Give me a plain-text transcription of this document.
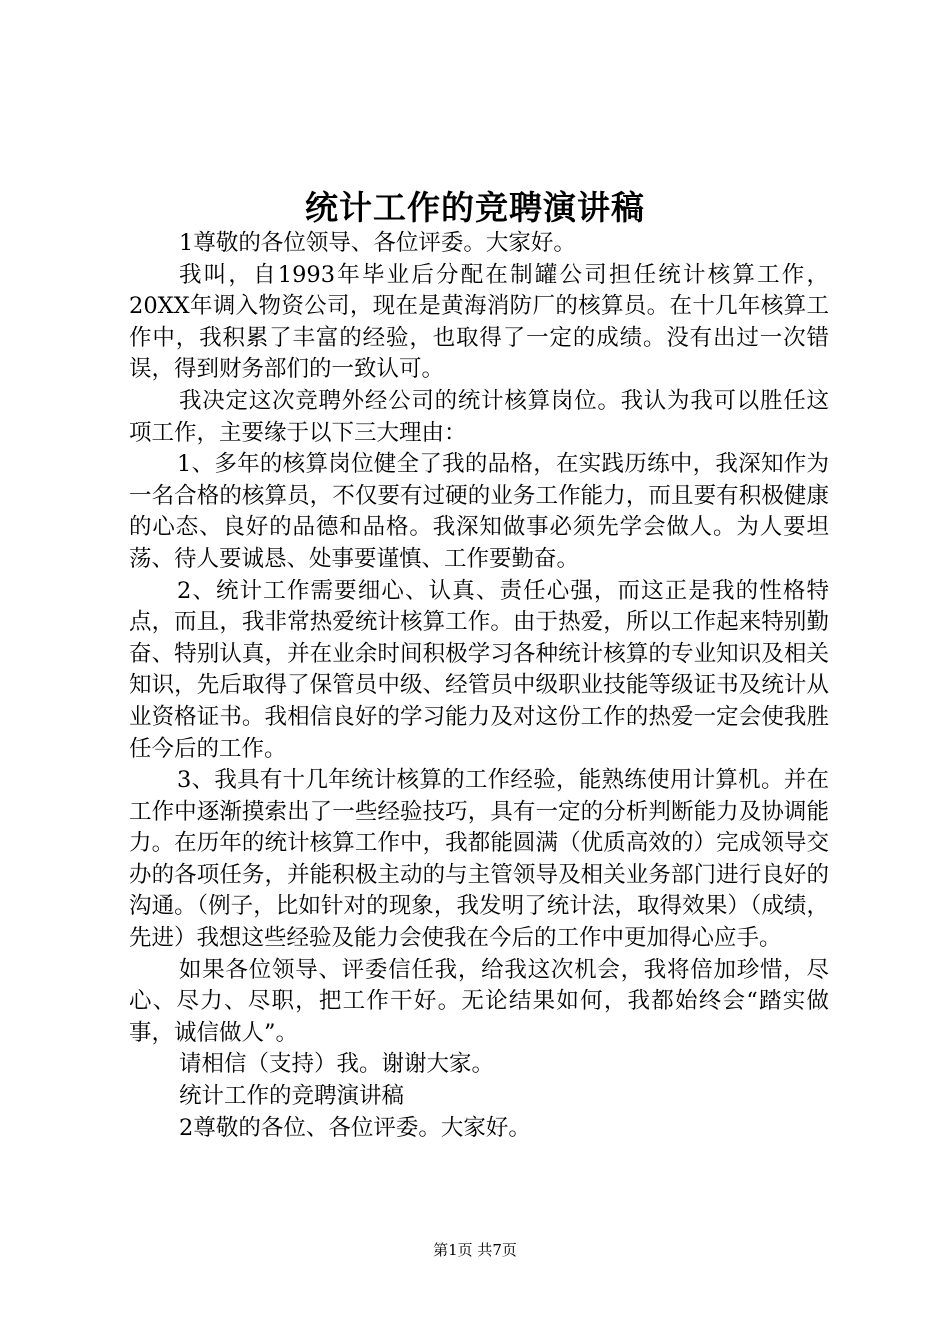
统计工作的竞聘演讲稿

1尊敬的各位领导、各位评委。大家好。

我叫，自1993年毕业后分配在制罐公司担任统计核算工作，20XX年调入物资公司，现在是黄海消防厂的核算员。在十几年核算工作中，我积累了丰富的经验，也取得了一定的成绩。没有出过一次错误，得到财务部们的一致认可。

我决定这次竞聘外经公司的统计核算岗位。我认为我可以胜任这项工作，主要缘于以下三大理由：

1、多年的核算岗位健全了我的品格，在实践历练中，我深知作为一名合格的核算员，不仅要有过硬的业务工作能力，而且要有积极健康的心态、良好的品德和品格。我深知做事必须先学会做人。为人要坦荡、待人要诚恳、处事要谨慎、工作要勤奋。

2、统计工作需要细心、认真、责任心强，而这正是我的性格特点，而且，我非常热爱统计核算工作。由于热爱，所以工作起来特别勤奋、特别认真，并在业余时间积极学习各种统计核算的专业知识及相关知识，先后取得了保管员中级、经管员中级职业技能等级证书及统计从业资格证书。我相信良好的学习能力及对这份工作的热爱一定会使我胜任今后的工作。

3、我具有十几年统计核算的工作经验，能熟练使用计算机。并在工作中逐渐摸索出了一些经验技巧，具有一定的分析判断能力及协调能力。在历年的统计核算工作中，我都能圆满（优质高效的）完成领导交办的各项任务，并能积极主动的与主管领导及相关业务部门进行良好的沟通。（例子，比如针对的现象，我发明了统计法，取得效果）（成绩，先进）我想这些经验及能力会使我在今后的工作中更加得心应手。

如果各位领导、评委信任我，给我这次机会，我将倍加珍惜，尽心、尽力、尽职，把工作干好。无论结果如何，我都始终会“踏实做事，诚信做人”。

请相信（支持）我。谢谢大家。

统计工作的竞聘演讲稿

2尊敬的各位、各位评委。大家好。

第1页 共7页
